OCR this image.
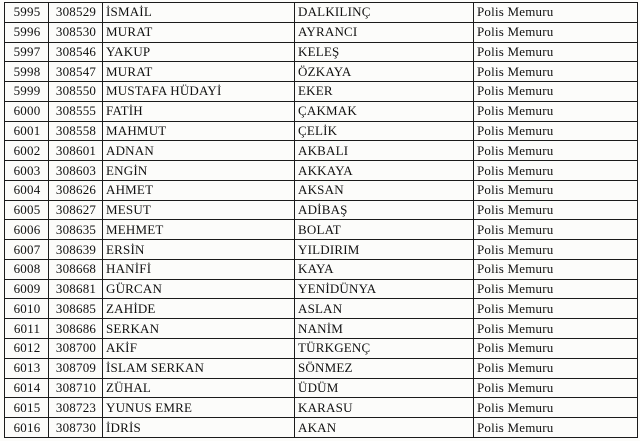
5995	308529	İSMAİL	DALKILINÇ	Polis Memuru
5996	308530	MURAT	AYRANCI	Polis Memuru
5997	308546	YAKUP	KELEŞ	Polis Memuru
5998	308547	MURAT	ÖZKAYA	Polis Memuru
5999	308550	MUSTAFA HÜDAYİ	EKER	Polis Memuru
6000	308555	FATİH	ÇAKMAK	Polis Memuru
6001	308558	MAHMUT	ÇELİK	Polis Memuru
6002	308601	ADNAN	AKBALI	Polis Memuru
6003	308603	ENGİN	AKKAYA	Polis Memuru
6004	308626	AHMET	AKSAN	Polis Memuru
6005	308627	MESUT	ADİBAŞ	Polis Memuru
6006	308635	MEHMET	BOLAT	Polis Memuru
6007	308639	ERSİN	YILDIRIM	Polis Memuru
6008	308668	HANİFİ	KAYA	Polis Memuru
6009	308681	GÜRCAN	YENİDÜNYA	Polis Memuru
6010	308685	ZAHİDE	ASLAN	Polis Memuru
6011	308686	SERKAN	NANİM	Polis Memuru
6012	308700	AKİF	TÜRKGENÇ	Polis Memuru
6013	308709	İSLAM SERKAN	SÖNMEZ	Polis Memuru
6014	308710	ZÜHAL	ÜDÜM	Polis Memuru
6015	308723	YUNUS EMRE	KARASU	Polis Memuru
6016	308730	İDRİS	AKAN	Polis Memuru
